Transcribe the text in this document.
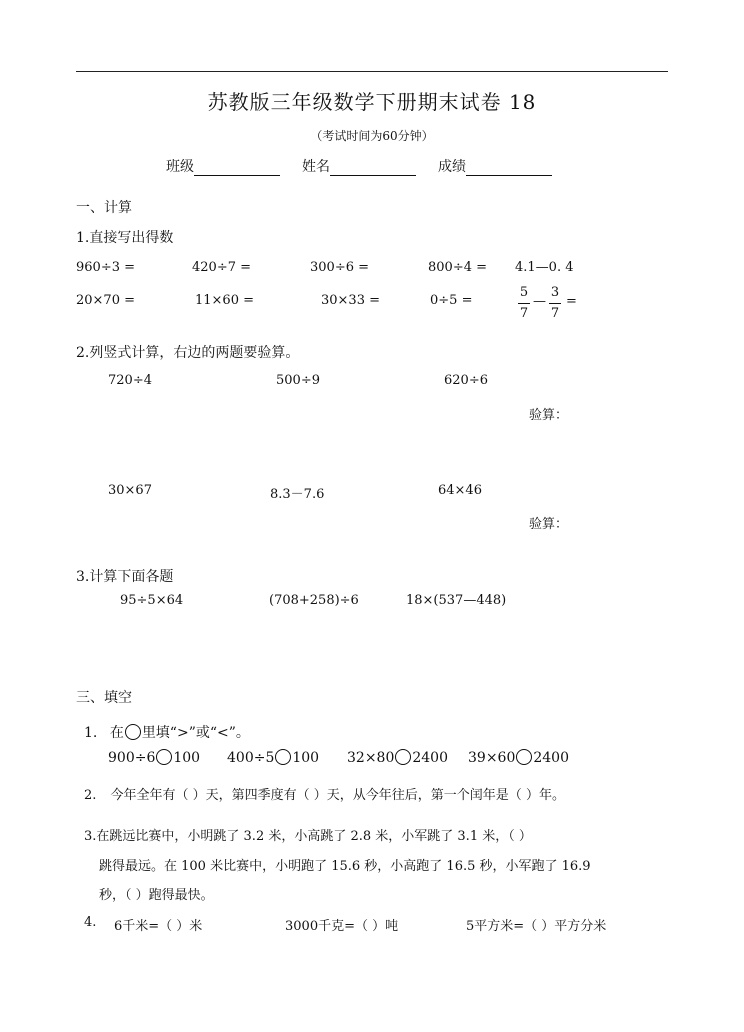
苏教版三年级数学下册期末试卷 18
（考试时间为60分钟）
班级	姓名	成绩
一、计算
1.直接写出得数
960÷3 =	420÷7 =	300÷6 =	800÷4 = 4.1—0. 4
20×70 =	11×60 =	30×33 =	0÷5 =
5
7
—
3
7
=
2.列竖式计算，右边的两题要验算。
720÷4	500÷9	620÷6
验算：
30×67	8.3－7.6	64×46
验算：
3.计算下面各题
95÷5×64	(708+258)÷6	18×(537—448)
三、填空
1. 在 里填“>”或“<”。
900÷6 100 400÷5 100 32×80 2400 39×60 2400
2. 今年全年有（ ）天，第四季度有（ ）天，从今年往后，第一个闰年是（ ）年。
3.在跳远比赛中，小明跳了 3.2 米，小高跳了 2.8 米，小军跳了 3.1 米，（ ）
跳得最远。在 100 米比赛中，小明跑了 15.6 秒，小高跑了 16.5 秒，小军跑了 16.9
秒，（ ）跑得最快。
4. 6千米=（ ）米	3000千克=（ ）吨	5平方米=（ ）平方分米
